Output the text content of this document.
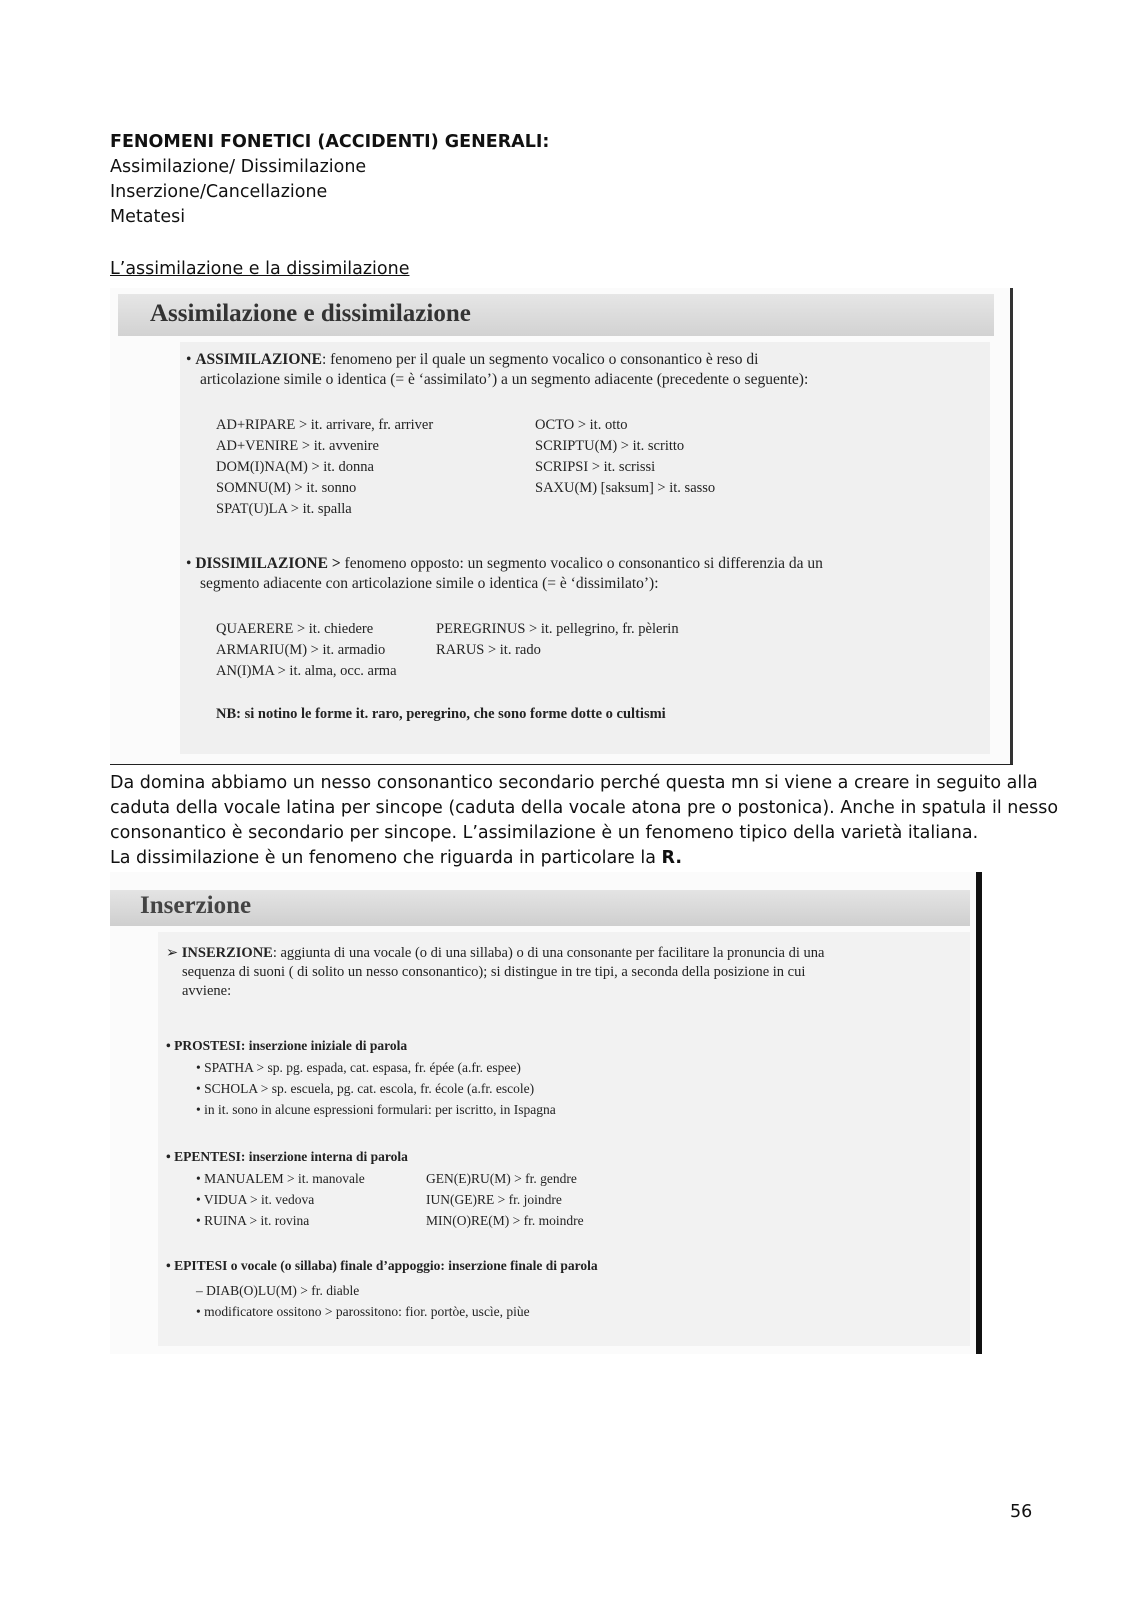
FENOMENI FONETICI (ACCIDENTI) GENERALI:
Assimilazione/ Dissimilazione
Inserzione/Cancellazione
Metatesi
L’assimilazione e la dissimilazione
Assimilazione e dissimilazione
• ASSIMILAZIONE: fenomeno per il quale un segmento vocalico o consonantico è reso di
articolazione simile o identica (= è ‘assimilato’) a un segmento adiacente (precedente o seguente):
AD+RIPARE > it. arrivare, fr. arriver
AD+VENIRE > it. avvenire
DOM(I)NA(M) > it. donna
SOMNU(M) > it. sonno
SPAT(U)LA > it. spalla
OCTO > it. otto
SCRIPTU(M) > it. scritto
SCRIPSI > it. scrissi
SAXU(M) [saksum] > it. sasso
• DISSIMILAZIONE > fenomeno opposto: un segmento vocalico o consonantico si differenzia da un
segmento adiacente con articolazione simile o identica (= è ‘dissimilato’):
QUAERERE > it. chiedere
ARMARIU(M) > it. armadio
AN(I)MA > it. alma, occ. arma
PEREGRINUS > it. pellegrino, fr. pèlerin
RARUS > it. rado
NB: si notino le forme it. raro, peregrino, che sono forme dotte o cultismi
Da domina abbiamo un nesso consonantico secondario perché questa mn si viene a creare in seguito alla
caduta della vocale latina per sincope (caduta della vocale atona pre o postonica). Anche in spatula il nesso
consonantico è secondario per sincope. L’assimilazione è un fenomeno tipico della varietà italiana.
La dissimilazione è un fenomeno che riguarda in particolare la R.
Inserzione
➢ INSERZIONE: aggiunta di una vocale (o di una sillaba) o di una consonante per facilitare la pronuncia di una
sequenza di suoni ( di solito un nesso consonantico); si distingue in tre tipi, a seconda della posizione in cui
avviene:
• PROSTESI: inserzione iniziale di parola
• SPATHA > sp. pg. espada, cat. espasa, fr. épée (a.fr. espee)
• SCHOLA > sp. escuela, pg. cat. escola, fr. école (a.fr. escole)
• in it. sono in alcune espressioni formulari: per iscritto, in Ispagna
• EPENTESI: inserzione interna di parola
• MANUALEM > it. manovale
• VIDUA > it. vedova
• RUINA > it. rovina
GEN(E)RU(M) > fr. gendre
IUN(GE)RE > fr. joindre
MIN(O)RE(M) > fr. moindre
• EPITESI o vocale (o sillaba) finale d’appoggio: inserzione finale di parola
– DIAB(O)LU(M) > fr. diable
• modificatore ossitono > parossitono: fior. portòe, uscìe, piùe
56
